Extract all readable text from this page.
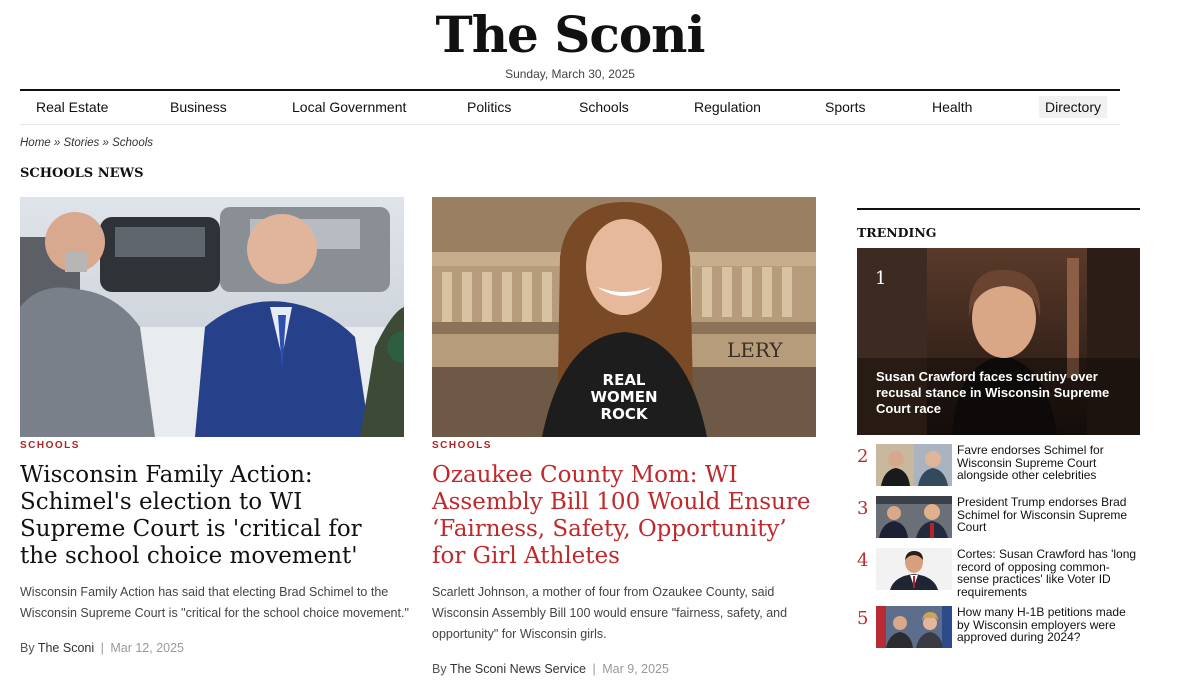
The Sconi
Sunday, March 30, 2025
Real Estate	Business	Local Government	Politics	Schools	Regulation	Sports	Health	Directory
Home » Stories » Schools
SCHOOLS NEWS
SCHOOLS
Wisconsin Family Action: Schimel's election to WI Supreme Court is 'critical for the school choice movement'
Wisconsin Family Action has said that electing Brad Schimel to the Wisconsin Supreme Court is "critical for the school choice movement."
By The Sconi | Mar 12, 2025
LERY
REAL
WOMEN
ROCK
SCHOOLS
Ozaukee County Mom: WI Assembly Bill 100 Would Ensure ‘Fairness, Safety, Opportunity’ for Girl Athletes
Scarlett Johnson, a mother of four from Ozaukee County, said Wisconsin Assembly Bill 100 would ensure "fairness, safety, and opportunity" for Wisconsin girls.
By The Sconi News Service | Mar 9, 2025
TRENDING
1
Susan Crawford faces scrutiny over recusal stance in Wisconsin Supreme Court race
2	Favre endorses Schimel for Wisconsin Supreme Court alongside other celebrities
3	President Trump endorses Brad Schimel for Wisconsin Supreme Court
4	Cortes: Susan Crawford has 'long record of opposing common-sense practices' like Voter ID requirements
5	How many H-1B petitions made by Wisconsin employers were approved during 2024?
